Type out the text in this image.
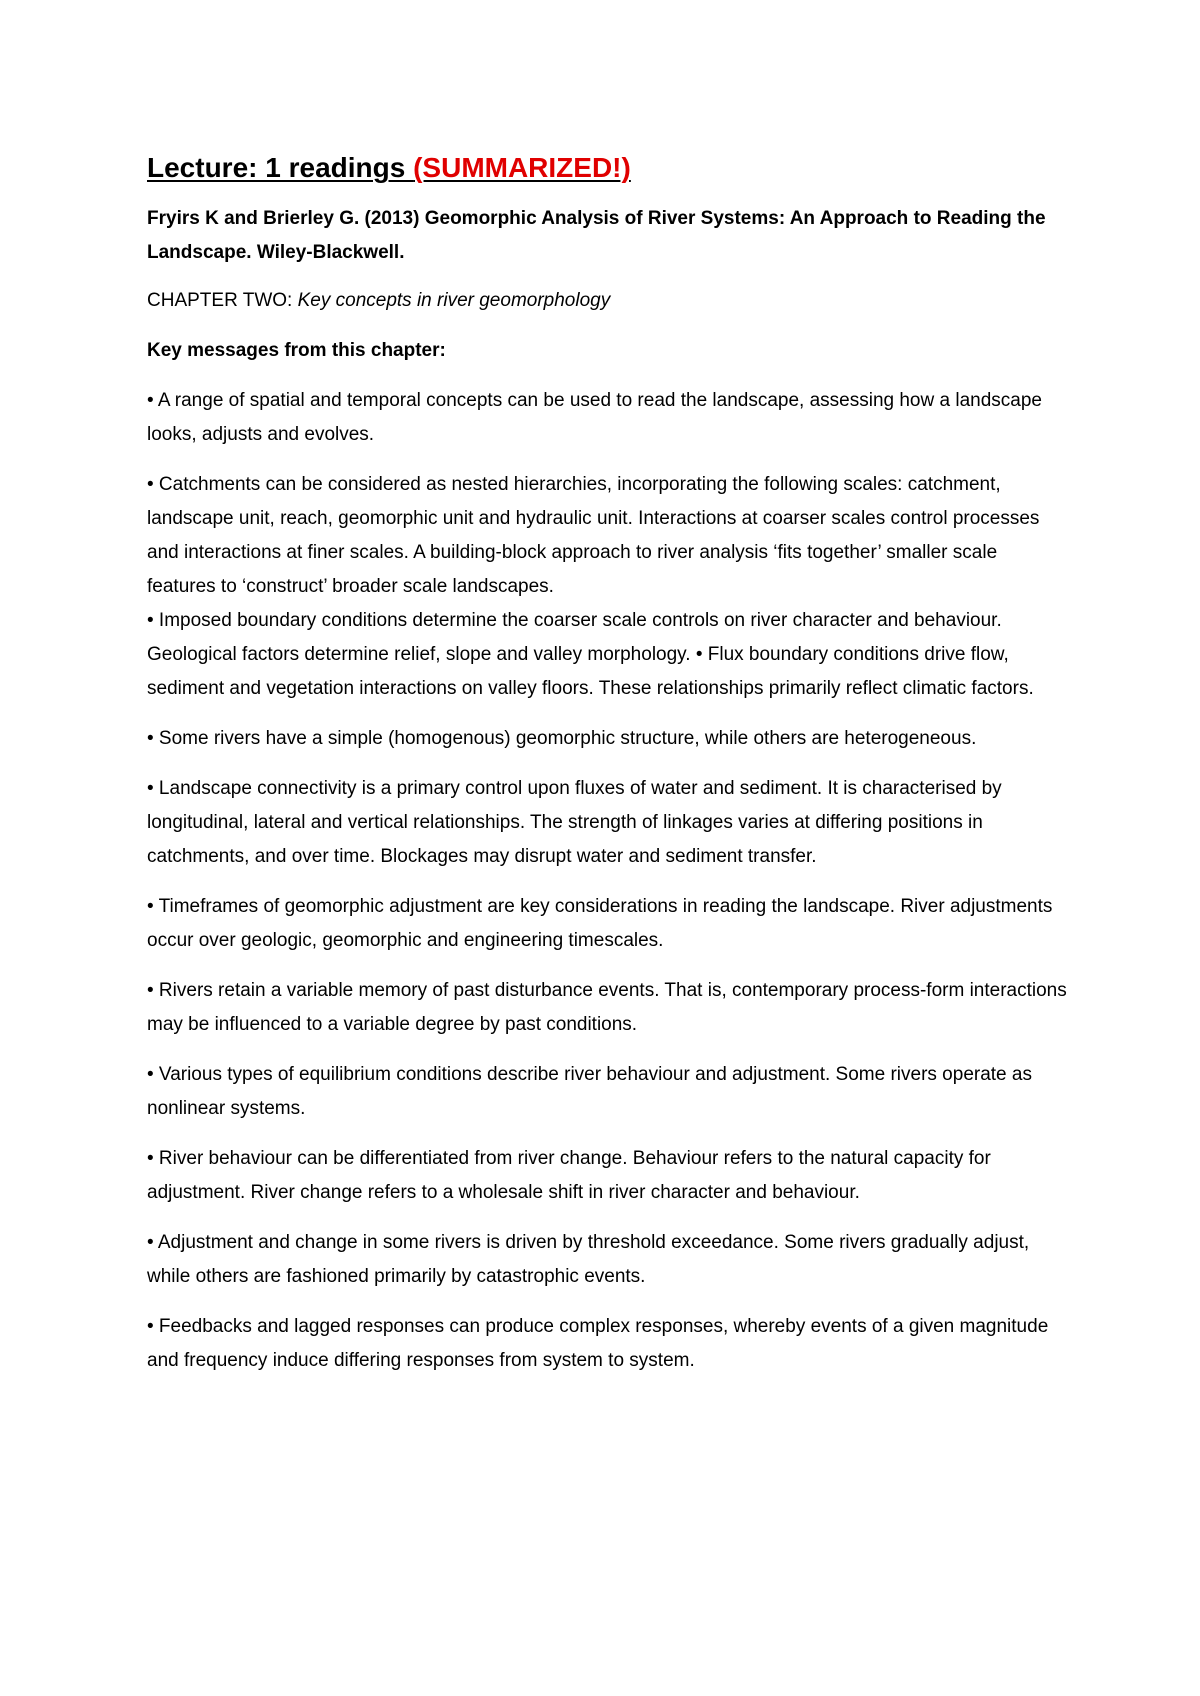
Lecture: 1 readings (SUMMARIZED!)

Fryirs K and Brierley G. (2013) Geomorphic Analysis of River Systems: An Approach to Reading the Landscape. Wiley-Blackwell.

CHAPTER TWO: Key concepts in river geomorphology

Key messages from this chapter:

• A range of spatial and temporal concepts can be used to read the landscape, assessing how a landscape looks, adjusts and evolves.

• Catchments can be considered as nested hierarchies, incorporating the following scales: catchment, landscape unit, reach, geomorphic unit and hydraulic unit. Interactions at coarser scales control processes and interactions at finer scales. A building-block approach to river analysis ‘fits together’ smaller scale features to ‘construct’ broader scale landscapes.

• Imposed boundary conditions determine the coarser scale controls on river character and behaviour. Geological factors determine relief, slope and valley morphology. • Flux boundary conditions drive flow, sediment and vegetation interactions on valley floors. These relationships primarily reflect climatic factors.

• Some rivers have a simple (homogenous) geomorphic structure, while others are heterogeneous.

• Landscape connectivity is a primary control upon fluxes of water and sediment. It is characterised by longitudinal, lateral and vertical relationships. The strength of linkages varies at differing positions in catchments, and over time. Blockages may disrupt water and sediment transfer.

• Timeframes of geomorphic adjustment are key considerations in reading the landscape. River adjustments occur over geologic, geomorphic and engineering timescales.

• Rivers retain a variable memory of past disturbance events. That is, contemporary process-form interactions may be influenced to a variable degree by past conditions.

• Various types of equilibrium conditions describe river behaviour and adjustment. Some rivers operate as nonlinear systems.

• River behaviour can be differentiated from river change. Behaviour refers to the natural capacity for adjustment. River change refers to a wholesale shift in river character and behaviour.

• Adjustment and change in some rivers is driven by threshold exceedance. Some rivers gradually adjust, while others are fashioned primarily by catastrophic events.

• Feedbacks and lagged responses can produce complex responses, whereby events of a given magnitude and frequency induce differing responses from system to system.
